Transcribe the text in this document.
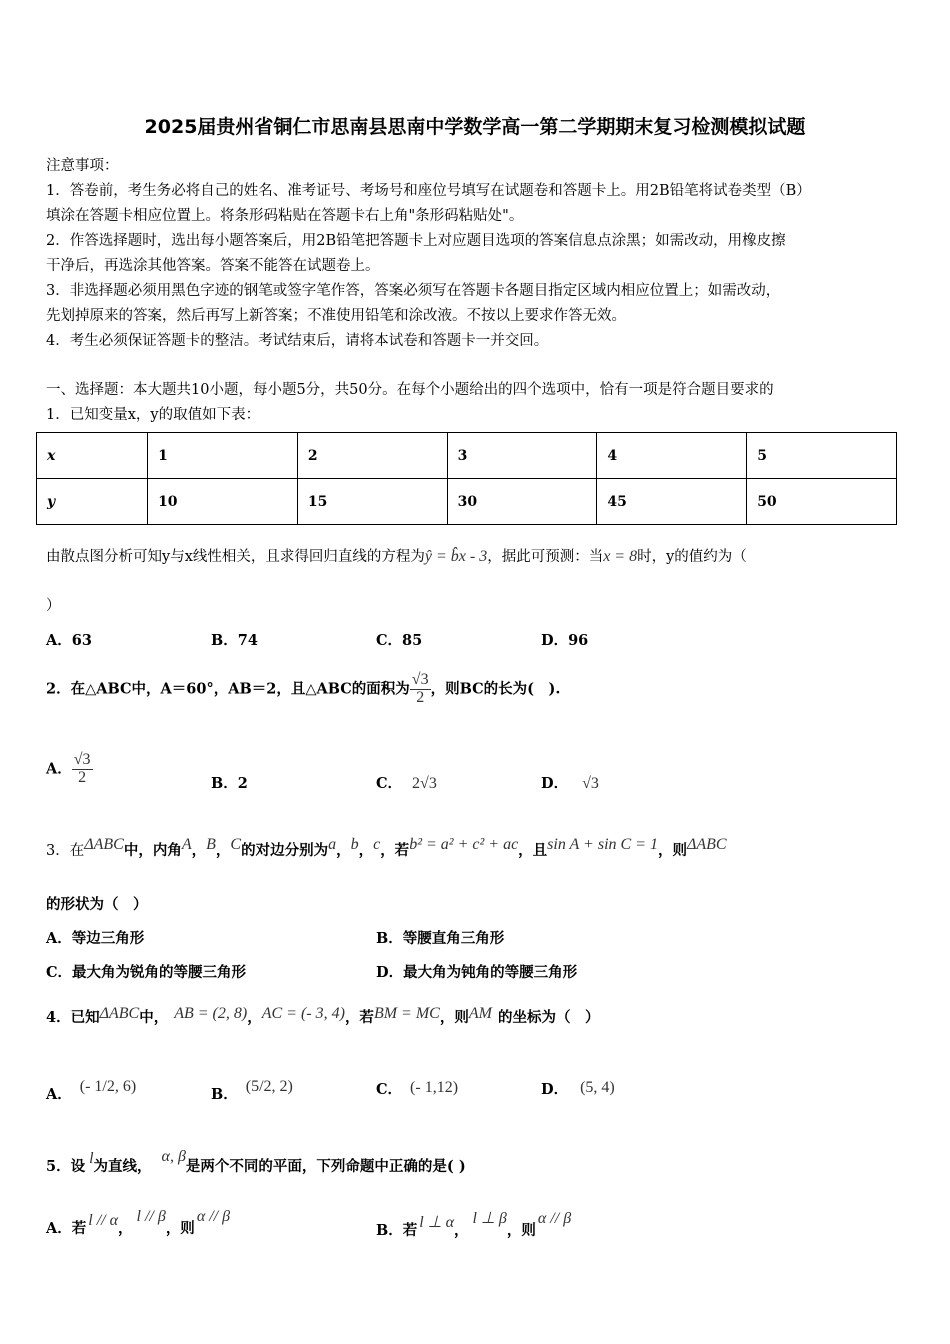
2025届贵州省铜仁市思南县思南中学数学高一第二学期期末复习检测模拟试题
注意事项：
1．答卷前，考生务必将自己的姓名、准考证号、考场号和座位号填写在试题卷和答题卡上。用2B铅笔将试卷类型（B）
填涂在答题卡相应位置上。将条形码粘贴在答题卡右上角"条形码粘贴处"。
2．作答选择题时，选出每小题答案后，用2B铅笔把答题卡上对应题目选项的答案信息点涂黑；如需改动，用橡皮擦
干净后，再选涂其他答案。答案不能答在试题卷上。
3．非选择题必须用黑色字迹的钢笔或签字笔作答，答案必须写在答题卡各题目指定区域内相应位置上；如需改动，
先划掉原来的答案，然后再写上新答案；不准使用铅笔和涂改液。不按以上要求作答无效。
4．考生必须保证答题卡的整洁。考试结束后，请将本试卷和答题卡一并交回。
一、选择题：本大题共10小题，每小题5分，共50分。在每个小题给出的四个选项中，恰有一项是符合题目要求的
1．已知变量x，y的取值如下表：
x	1	2	3	4	5
y	10	15	30	45	50
由散点图分析可知y与x线性相关，且求得回归直线的方程为ŷ = b̂x - 3，据此可预测：当x = 8时，y的值约为（
）
A．63	B．74	C．85	D．96
2．在△ABC中，A＝60°，AB＝2，且△ABC的面积为 $\frac{√3}{2}$ ，则BC的长为(　).
A． $\frac{√3}{2}$	B．2	C． 2√3	D． √3
3．在ΔABC中，内角A，B，C的对边分别为a，b，c，若b² = a² + c² + ac，且sin A + sin C = 1，则ΔABC
的形状为（　）
A．等边三角形	B．等腰直角三角形
C．最大角为锐角的等腰三角形	D．最大角为钝角的等腰三角形
4．已知ΔABC中， AB = (2, 8)，AC = (- 3, 4)，若BM = MC，则AM 的坐标为（　）
A． (- 1/2, 6)	B． (5/2, 2)	C． (- 1,12)	D． (5, 4)
5．设 l为直线，α, β是两个不同的平面，下列命题中正确的是( )
A．若 l // α，l // β，则α // β
B．若 l ⊥ α，l ⊥ β，则α // β
